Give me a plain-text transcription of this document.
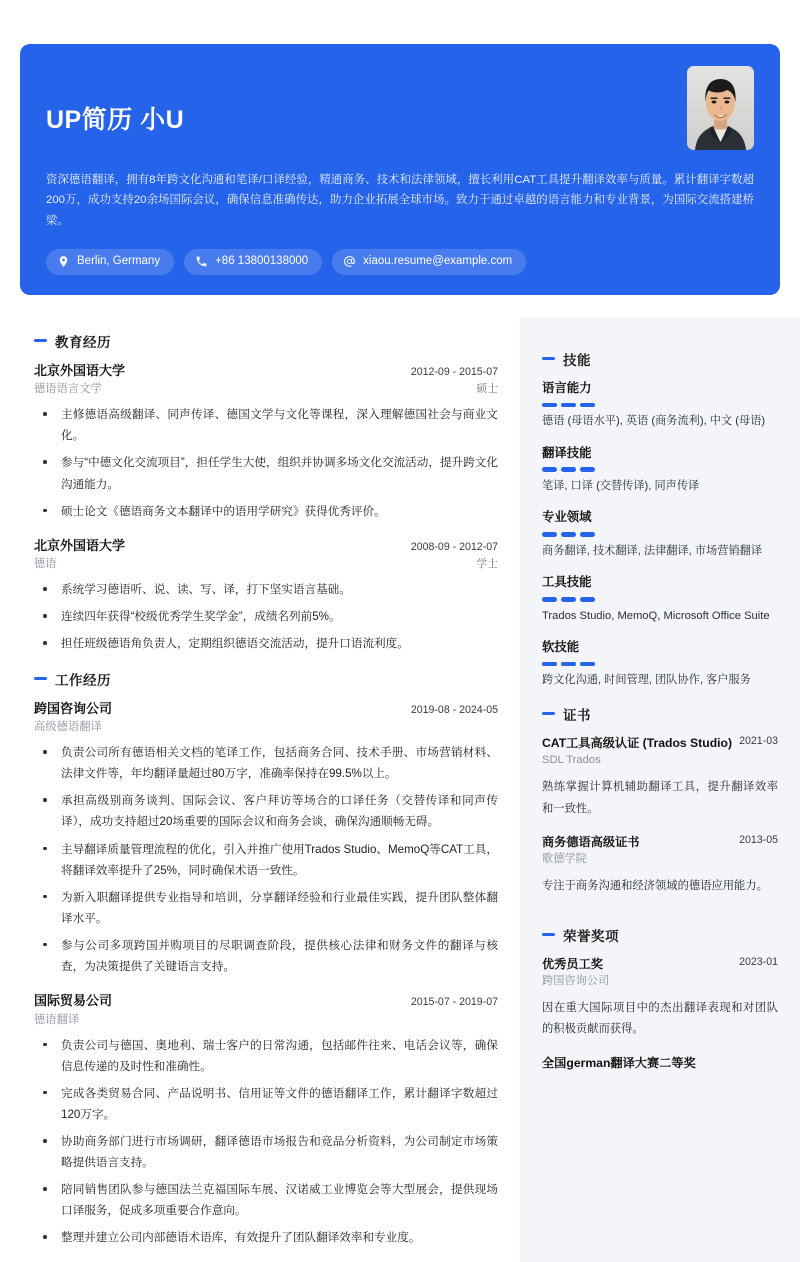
UP简历 小U
资深德语翻译，拥有8年跨文化沟通和笔译/口译经验，精通商务、技术和法律领域，擅长利用CAT工具提升翻译效率与质量。累计翻译字数超200万，成功支持20余场国际会议，确保信息准确传达，助力企业拓展全球市场。致力于通过卓越的语言能力和专业背景，为国际交流搭建桥梁。
Berlin, Germany	+86 13800138000	xiaou.resume@example.com
教育经历
北京外国语大学	2012-09 - 2015-07
德语语言文学	硕士
主修德语高级翻译、同声传译、德国文学与文化等课程，深入理解德国社会与商业文化。
参与“中德文化交流项目”，担任学生大使，组织并协调多场文化交流活动，提升跨文化沟通能力。
硕士论文《德语商务文本翻译中的语用学研究》获得优秀评价。
北京外国语大学	2008-09 - 2012-07
德语	学士
系统学习德语听、说、读、写、译，打下坚实语言基础。
连续四年获得“校级优秀学生奖学金”，成绩名列前5%。
担任班级德语角负责人，定期组织德语交流活动，提升口语流利度。
工作经历
跨国咨询公司	2019-08 - 2024-05
高级德语翻译
负责公司所有德语相关文档的笔译工作，包括商务合同、技术手册、市场营销材料、法律文件等，年均翻译量超过80万字，准确率保持在99.5%以上。
承担高级别商务谈判、国际会议、客户拜访等场合的口译任务（交替传译和同声传译），成功支持超过20场重要的国际会议和商务会谈，确保沟通顺畅无碍。
主导翻译质量管理流程的优化，引入并推广使用Trados Studio、MemoQ等CAT工具，将翻译效率提升了25%，同时确保术语一致性。
为新入职翻译提供专业指导和培训，分享翻译经验和行业最佳实践，提升团队整体翻译水平。
参与公司多项跨国并购项目的尽职调查阶段，提供核心法律和财务文件的翻译与核查，为决策提供了关键语言支持。
国际贸易公司	2015-07 - 2019-07
德语翻译
负责公司与德国、奥地利、瑞士客户的日常沟通，包括邮件往来、电话会议等，确保信息传递的及时性和准确性。
完成各类贸易合同、产品说明书、信用证等文件的德语翻译工作，累计翻译字数超过120万字。
协助商务部门进行市场调研，翻译德语市场报告和竞品分析资料，为公司制定市场策略提供语言支持。
陪同销售团队参与德国法兰克福国际车展、汉诺威工业博览会等大型展会，提供现场口译服务，促成多项重要合作意向。
整理并建立公司内部德语术语库，有效提升了团队翻译效率和专业度。
技能
语言能力
德语 (母语水平), 英语 (商务流利), 中文 (母语)
翻译技能
笔译, 口译 (交替传译), 同声传译
专业领域
商务翻译, 技术翻译, 法律翻译, 市场营销翻译
工具技能
Trados Studio, MemoQ, Microsoft Office Suite
软技能
跨文化沟通, 时间管理, 团队协作, 客户服务
证书
2021-03
CAT工具高级认证 (Trados Studio)
SDL Trados
熟练掌握计算机辅助翻译工具，提升翻译效率和一致性。
2013-05
商务德语高级证书
歌德学院
专注于商务沟通和经济领域的德语应用能力。
荣誉奖项
2023-01
优秀员工奖
跨国咨询公司
因在重大国际项目中的杰出翻译表现和对团队的积极贡献而获得。
全国german翻译大赛二等奖
